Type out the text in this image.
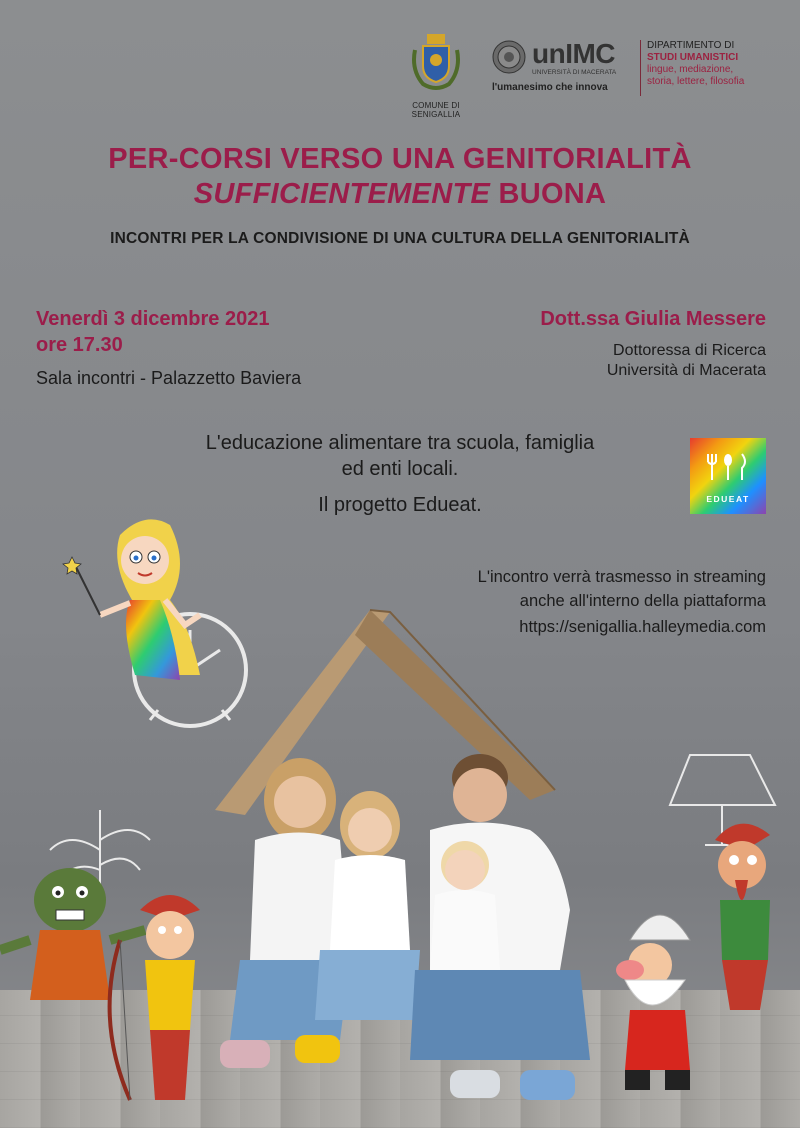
COMUNE DI SENIGALLIA
unIMC
UNIVERSITÀ DI MACERATA
l'umanesimo che innova
DIPARTIMENTO DI
STUDI UMANISTICI
lingue, mediazione,
storia, lettere, filosofia
PER-CORSI VERSO UNA GENITORIALITÀ
SUFFICIENTEMENTE BUONA
INCONTRI PER LA CONDIVISIONE DI UNA CULTURA DELLA GENITORIALITÀ
Venerdì 3 dicembre 2021
ore 17.30
Sala incontri - Palazzetto Baviera
Dott.ssa Giulia Messere
Dottoressa di Ricerca
Università di Macerata
L'educazione alimentare tra scuola, famiglia
ed enti locali.
Il progetto Edueat.	EDUEAT
L'incontro verrà trasmesso in streaming
anche all'interno della piattaforma
https://senigallia.halleymedia.com
